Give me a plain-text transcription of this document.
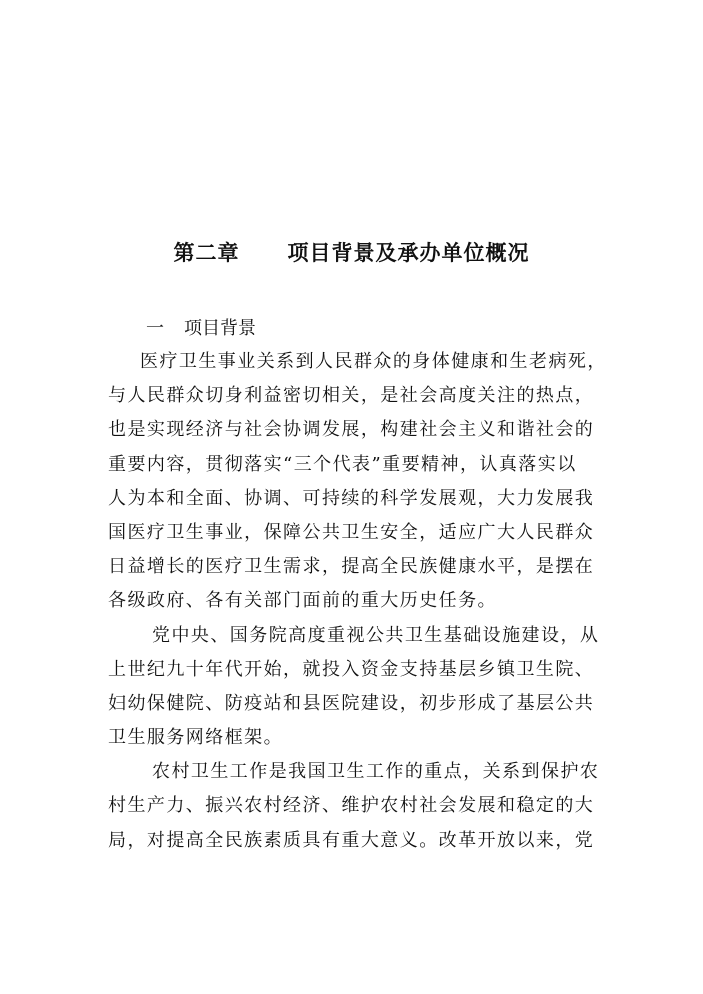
第二章 项目背景及承办单位概况
一 项目背景
医疗卫生事业关系到人民群众的身体健康和生老病死，
与人民群众切身利益密切相关，是社会高度关注的热点，
也是实现经济与社会协调发展，构建社会主义和谐社会的
重要内容，贯彻落实“三个代表”重要精神，认真落实以
人为本和全面、协调、可持续的科学发展观，大力发展我
国医疗卫生事业，保障公共卫生安全，适应广大人民群众
日益增长的医疗卫生需求，提高全民族健康水平，是摆在
各级政府、各有关部门面前的重大历史任务。
党中央、国务院高度重视公共卫生基础设施建设，从
上世纪九十年代开始，就投入资金支持基层乡镇卫生院、
妇幼保健院、防疫站和县医院建设，初步形成了基层公共
卫生服务网络框架。
农村卫生工作是我国卫生工作的重点，关系到保护农
村生产力、振兴农村经济、维护农村社会发展和稳定的大
局，对提高全民族素质具有重大意义。改革开放以来，党
